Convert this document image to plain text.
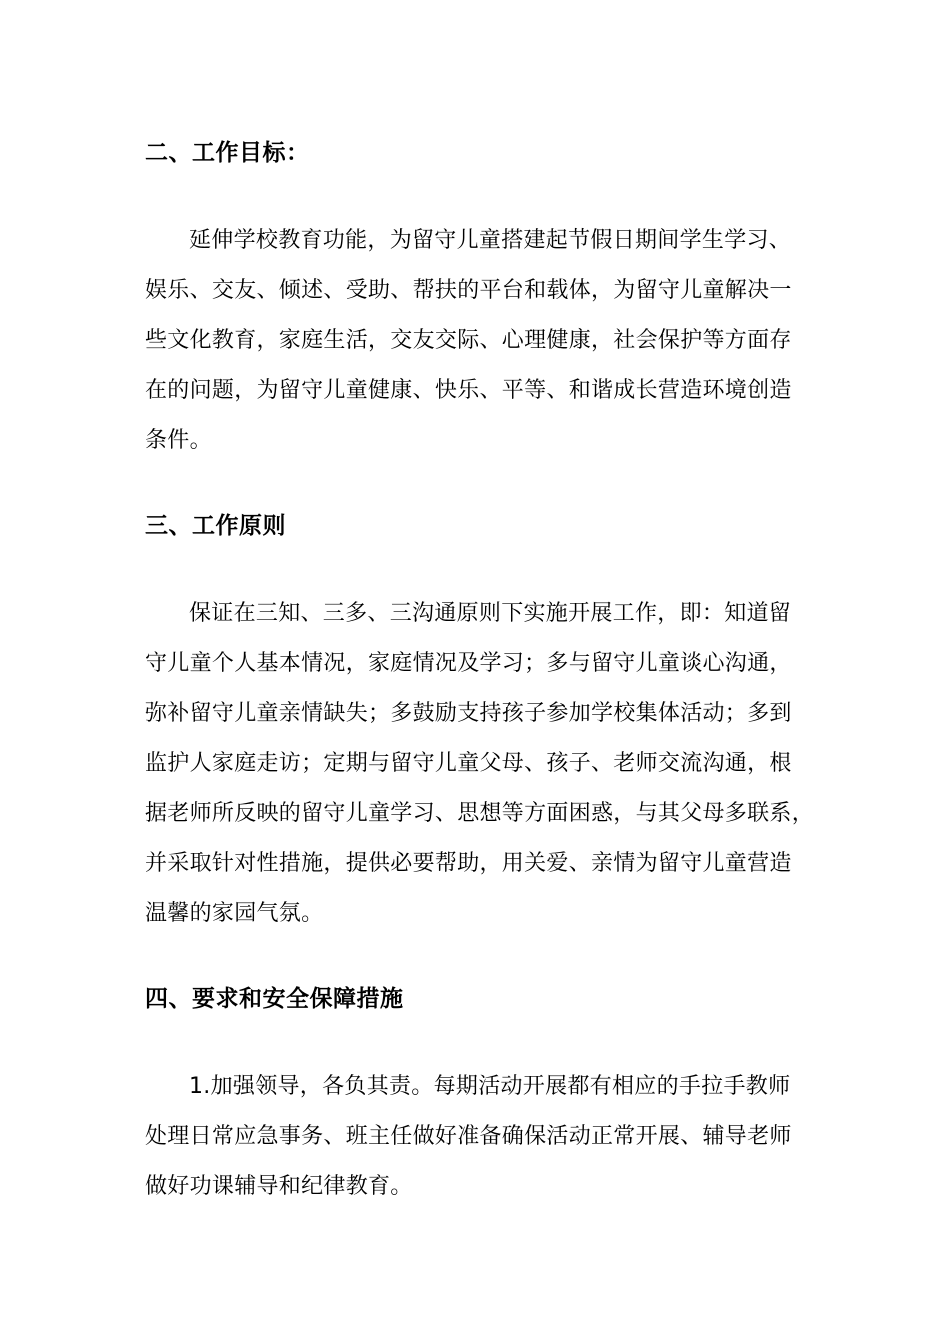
二、工作目标：

延伸学校教育功能，为留守儿童搭建起节假日期间学生学习、
娱乐、交友、倾述、受助、帮扶的平台和载体，为留守儿童解决一
些文化教育，家庭生活，交友交际、心理健康，社会保护等方面存
在的问题，为留守儿童健康、快乐、平等、和谐成长营造环境创造
条件。

三、工作原则

保证在三知、三多、三沟通原则下实施开展工作，即：知道留
守儿童个人基本情况，家庭情况及学习；多与留守儿童谈心沟通，
弥补留守儿童亲情缺失；多鼓励支持孩子参加学校集体活动；多到
监护人家庭走访；定期与留守儿童父母、孩子、老师交流沟通，根
据老师所反映的留守儿童学习、思想等方面困惑，与其父母多联系，
并采取针对性措施，提供必要帮助，用关爱、亲情为留守儿童营造
温馨的家园气氛。

四、要求和安全保障措施

1.加强领导，各负其责。每期活动开展都有相应的手拉手教师
处理日常应急事务、班主任做好准备确保活动正常开展、辅导老师
做好功课辅导和纪律教育。
